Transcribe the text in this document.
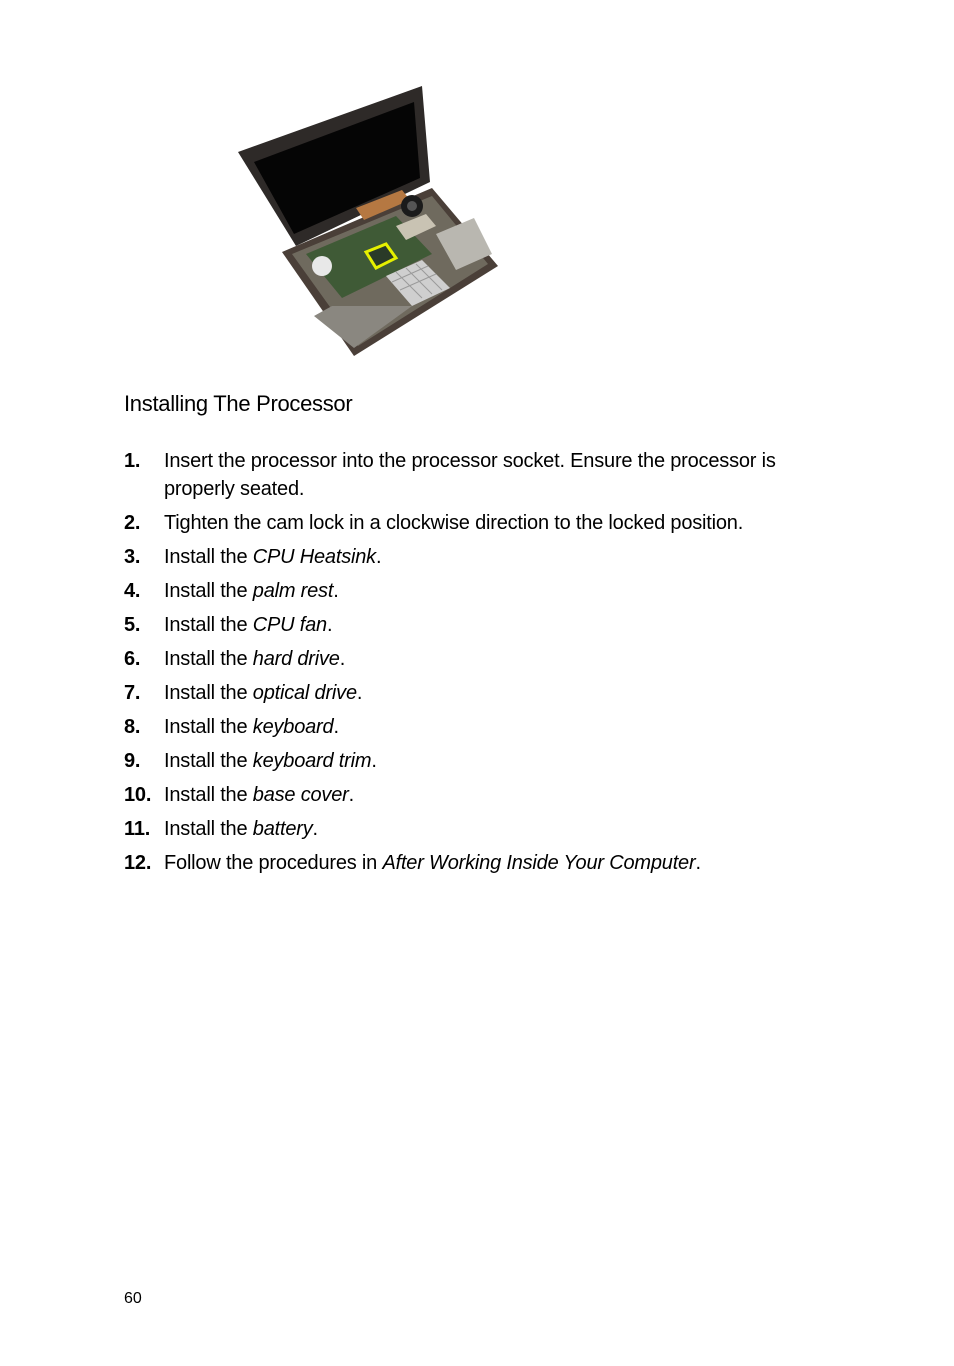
Installing The Processor
1. Insert the processor into the processor socket. Ensure the processor is properly seated.
2. Tighten the cam lock in a clockwise direction to the locked position.
3. Install the CPU Heatsink.
4. Install the palm rest.
5. Install the CPU fan.
6. Install the hard drive.
7. Install the optical drive.
8. Install the keyboard.
9. Install the keyboard trim.
10. Install the base cover.
11. Install the battery.
12. Follow the procedures in After Working Inside Your Computer.
60
